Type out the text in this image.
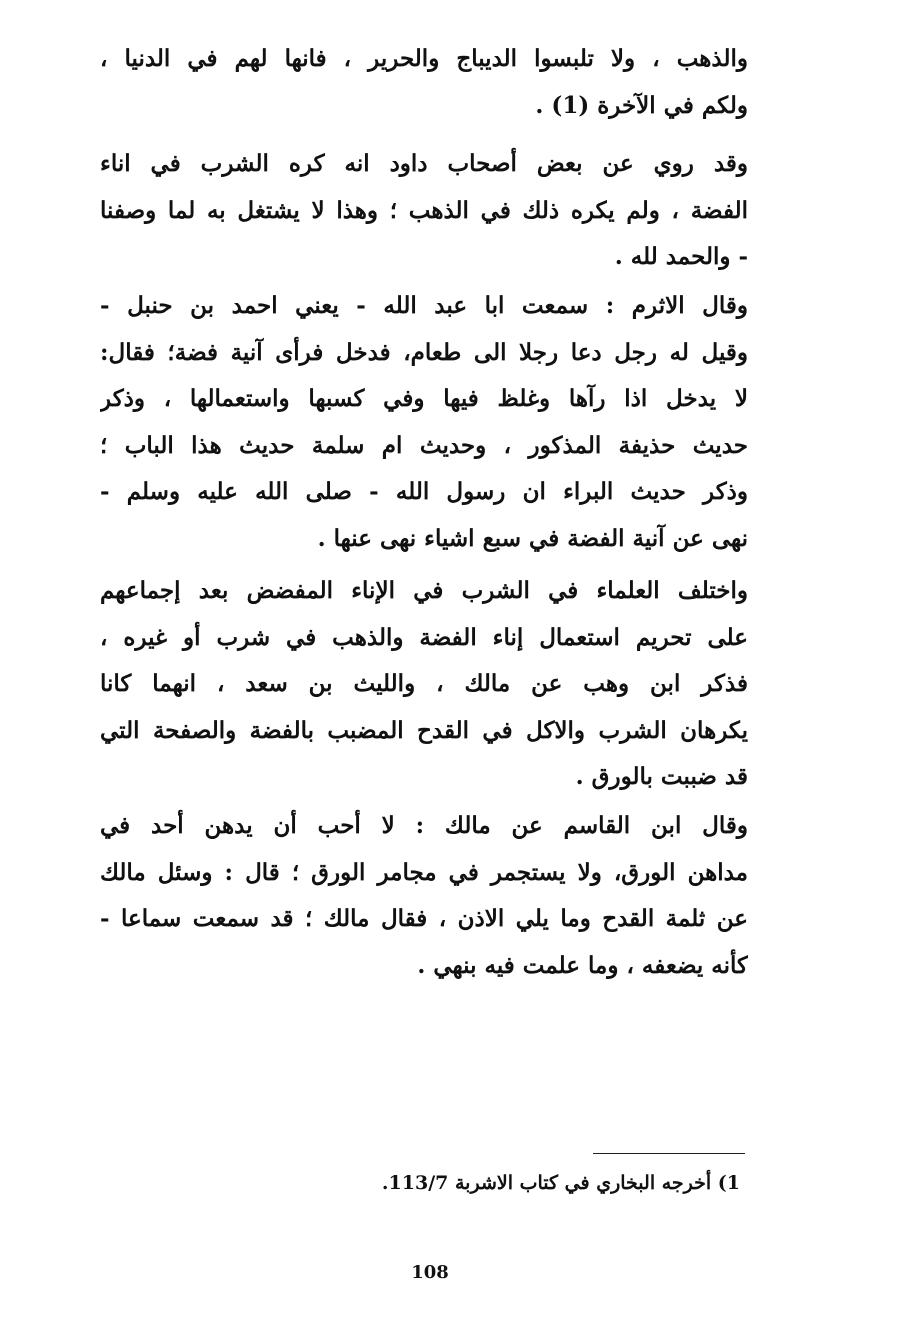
والذهب ، ولا تلبسوا الديباج والحرير ، فانها لهم في الدنيا ،
ولكم في الآخرة (1) .
وقد روي عن بعض أصحاب داود انه كره الشرب في اناء
الفضة ، ولم يكره ذلك في الذهب ؛ وهذا لا يشتغل به لما وصفنا
- والحمد لله .
وقال الاثرم : سمعت ابا عبد الله - يعني احمد بن حنبل -
وقيل له رجل دعا رجلا الى طعام، فدخل فرأى آنية فضة؛ فقال:
لا يدخل اذا رآها وغلظ فيها وفي كسبها واستعمالها ، وذكر
حديث حذيفة المذكور ، وحديث ام سلمة حديث هذا الباب ؛
وذكر حديث البراء ان رسول الله - صلى الله عليه وسلم -
نهى عن آنية الفضة في سبع اشياء نهى عنها .
واختلف العلماء في الشرب في الإناء المفضض بعد إجماعهم
على تحريم استعمال إناء الفضة والذهب في شرب أو غيره ،
فذكر ابن وهب عن مالك ، والليث بن سعد ، انهما كانا
يكرهان الشرب والاكل في القدح المضبب بالفضة والصفحة التي
قد ضببت بالورق .
وقال ابن القاسم عن مالك : لا أحب أن يدهن أحد في
مداهن الورق، ولا يستجمر في مجامر الورق ؛ قال : وسئل مالك
عن ثلمة القدح وما يلي الاذن ، فقال مالك ؛ قد سمعت سماعا -
كأنه يضعفه ، وما علمت فيه بنهي .
1) أخرجه البخاري في كتاب الاشربة 113/7.
108
